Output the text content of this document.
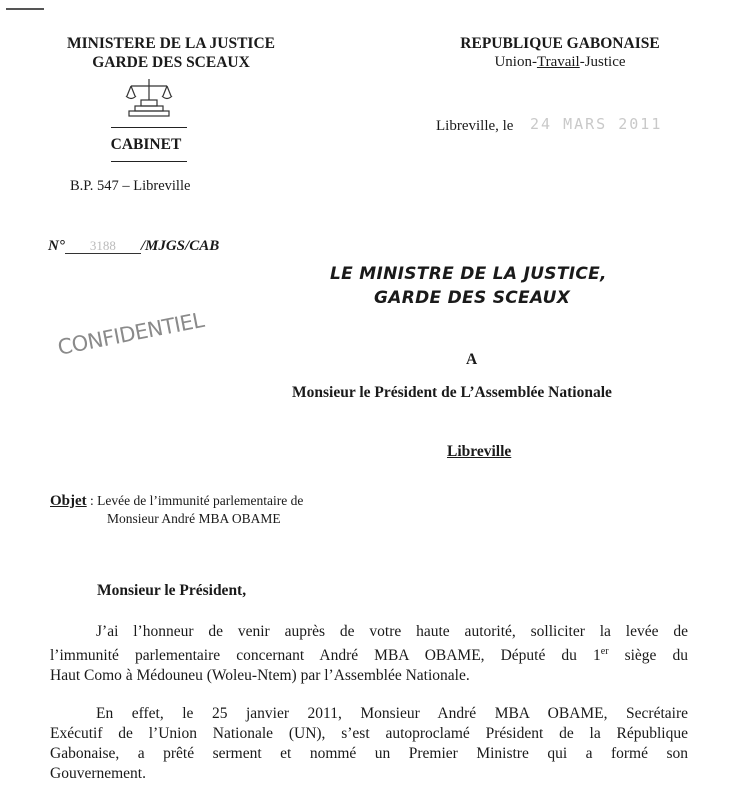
MINISTERE DE LA JUSTICE
GARDE DES SCEAUX
CABINET
B.P. 547 – Libreville
REPUBLIQUE GABONAISE
Union-Travail-Justice
Libreville, le 24 MARS 2011
N° 3188 /MJGS/CAB
LE MINISTRE DE LA JUSTICE,
GARDE DES SCEAUX
CONFIDENTIEL	A
Monsieur le Président de L’Assemblée Nationale
Libreville
Objet : Levée de l’immunité parlementaire de
Monsieur André MBA OBAME
Monsieur le Président,
J’ai l’honneur de venir auprès de votre haute autorité, solliciter la levée de
l’immunité parlementaire concernant André MBA OBAME, Député du 1er siège du
Haut Como à Médouneu (Woleu-Ntem) par l’Assemblée Nationale.
En effet, le 25 janvier 2011, Monsieur André MBA OBAME, Secrétaire
Exécutif de l’Union Nationale (UN), s’est autoproclamé Président de la République
Gabonaise, a prêté serment et nommé un Premier Ministre qui a formé son
Gouvernement.
